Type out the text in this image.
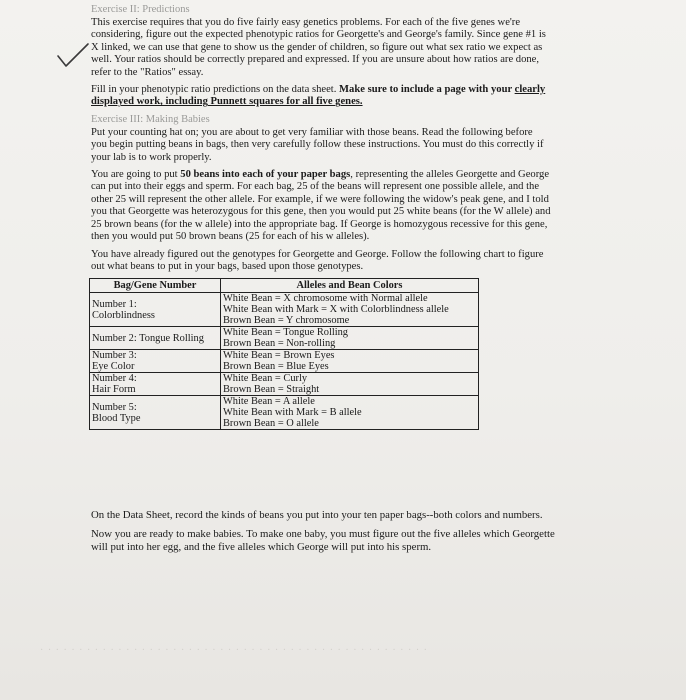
Exercise II: Predictions

This exercise requires that you do five fairly easy genetics problems. For each of the five genes we're considering, figure out the expected phenotypic ratios for Georgette's and George's family. Since gene #1 is X linked, we can use that gene to show us the gender of children, so figure out what sex ratio we expect as well. Your ratios should be correctly prepared and expressed. If you are unsure about how ratios are done, refer to the "Ratios" essay.

Fill in your phenotypic ratio predictions on the data sheet. Make sure to include a page with your clearly displayed work, including Punnett squares for all five genes.

Exercise III: Making Babies

Put your counting hat on; you are about to get very familiar with those beans. Read the following before you begin putting beans in bags, then very carefully follow these instructions. You must do this correctly if your lab is to work properly.

You are going to put 50 beans into each of your paper bags, representing the alleles Georgette and George can put into their eggs and sperm. For each bag, 25 of the beans will represent one possible allele, and the other 25 will represent the other allele. For example, if we were following the widow's peak gene, and I told you that Georgette was heterozygous for this gene, then you would put 25 white beans (for the W allele) and 25 brown beans (for the w allele) into the appropriate bag. If George is homozygous recessive for this gene, then you would put 50 brown beans (25 for each of his w alleles).

You have already figured out the genotypes for Georgette and George. Follow the following chart to figure out what beans to put in your bags, based upon those genotypes.

Bag/Gene Number	Alleles and Bean Colors

Number 1:
Colorblindness	White Bean = X chromosome with Normal allele
White Bean with Mark = X with Colorblindness allele
Brown Bean = Y chromosome

Number 2: Tongue Rolling	White Bean = Tongue Rolling
Brown Bean = Non-rolling

Number 3:
Eye Color	White Bean = Brown Eyes
Brown Bean = Blue Eyes

Number 4:
Hair Form	White Bean = Curly
Brown Bean = Straight

Number 5:
Blood Type	White Bean = A allele
White Bean with Mark = B allele
Brown Bean = O allele

On the Data Sheet, record the kinds of beans you put into your ten paper bags--both colors and numbers.

Now you are ready to make babies. To make one baby, you must figure out the five alleles which Georgette will put into her egg, and the five alleles which George will put into his sperm.

· · · · · · · · · · · · · · · · · · · · · · · · · · · · · · · · · · · · · · · · · · · · · · · · · ·
